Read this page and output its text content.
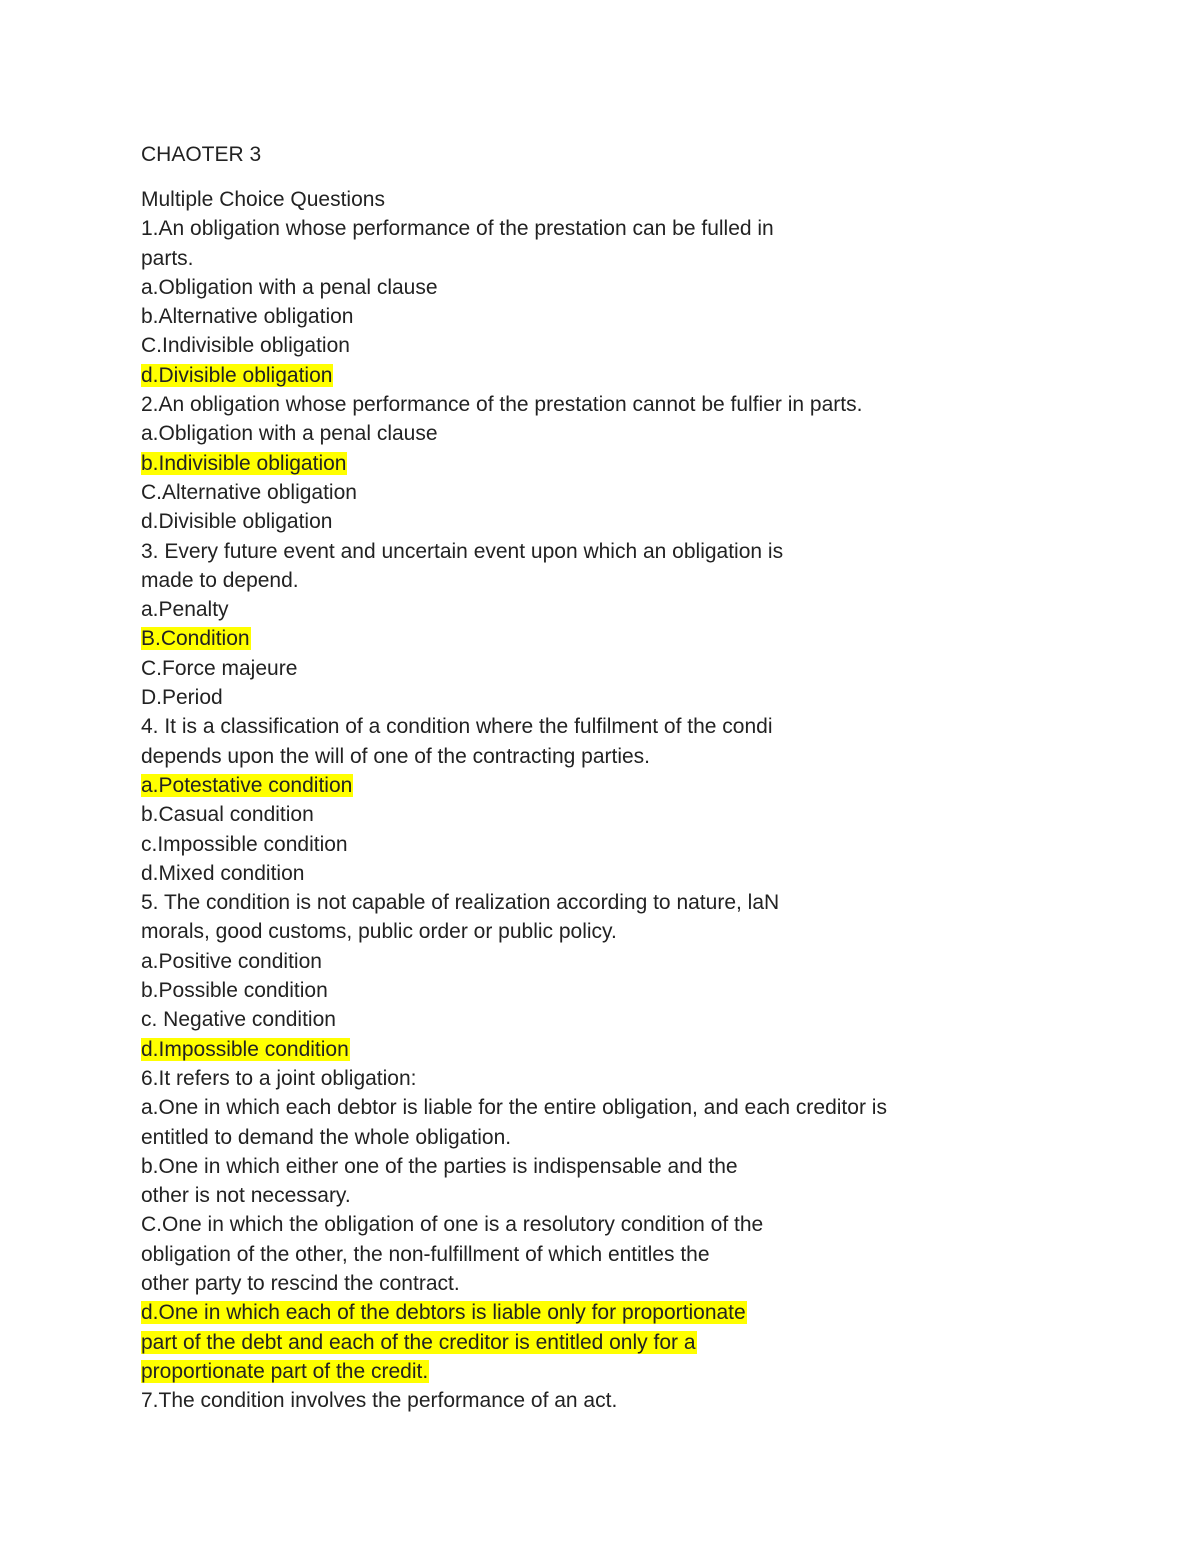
CHAOTER 3
Multiple Choice Questions
1.An obligation whose performance of the prestation can be fulled in
parts.
a.Obligation with a penal clause
b.Alternative obligation
C.Indivisible obligation
d.Divisible obligation
2.An obligation whose performance of the prestation cannot be fulfier in parts.
a.Obligation with a penal clause
b.Indivisible obligation
C.Alternative obligation
d.Divisible obligation
3. Every future event and uncertain event upon which an obligation is
made to depend.
a.Penalty
B.Condition
C.Force majeure
D.Period
4. It is a classification of a condition where the fulfilment of the condi
depends upon the will of one of the contracting parties.
a.Potestative condition
b.Casual condition
c.Impossible condition
d.Mixed condition
5. The condition is not capable of realization according to nature, laN
morals, good customs, public order or public policy.
a.Positive condition
b.Possible condition
c. Negative condition
d.Impossible condition
6.It refers to a joint obligation:
a.One in which each debtor is liable for the entire obligation, and each creditor is
entitled to demand the whole obligation.
b.One in which either one of the parties is indispensable and the
other is not necessary.
C.One in which the obligation of one is a resolutory condition of the
obligation of the other, the non-fulfillment of which entitles the
other party to rescind the contract.
d.One in which each of the debtors is liable only for proportionate
part of the debt and each of the creditor is entitled only for a
proportionate part of the credit.
7.The condition involves the performance of an act.
